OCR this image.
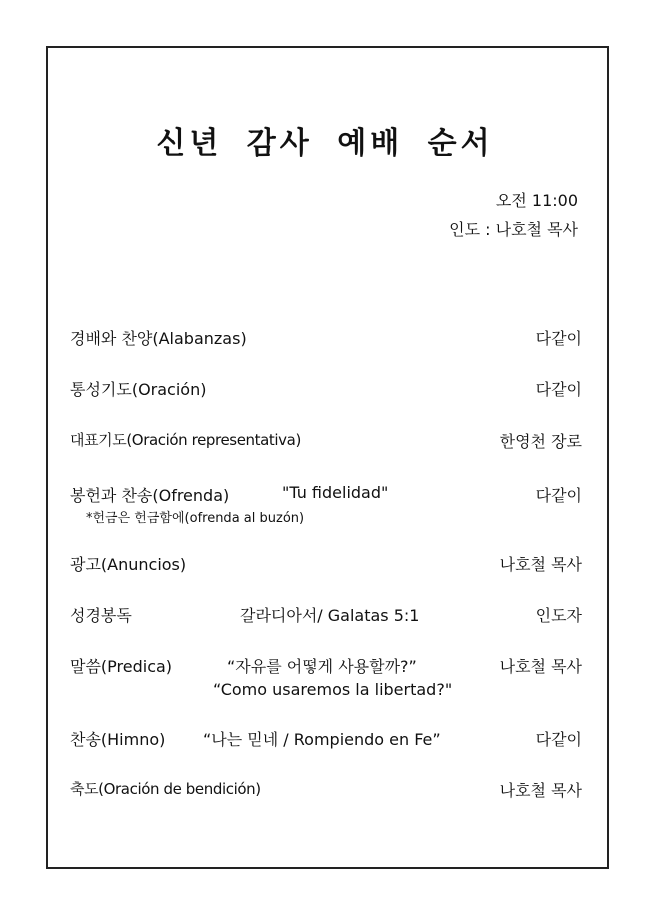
신년 감사 예배 순서
오전 11:00
인도 : 나호철 목사
경배와 찬양(Alabanzas)	다같이
통성기도(Oración)	다같이
대표기도(Oración representativa)	한영천 장로
봉헌과 찬송(Ofrenda)	"Tu fidelidad"	다같이
*헌금은 헌금함에(ofrenda al buzón)
광고(Anuncios)	나호철 목사
성경봉독	갈라디아서/ Galatas 5:1	인도자
말씀(Predica)	“자유를 어떻게 사용할까?”	나호철 목사
“Como usaremos la libertad?"
찬송(Himno) “나는 믿네 / Rompiendo en Fe”	다같이
축도(Oración de bendición)	나호철 목사
